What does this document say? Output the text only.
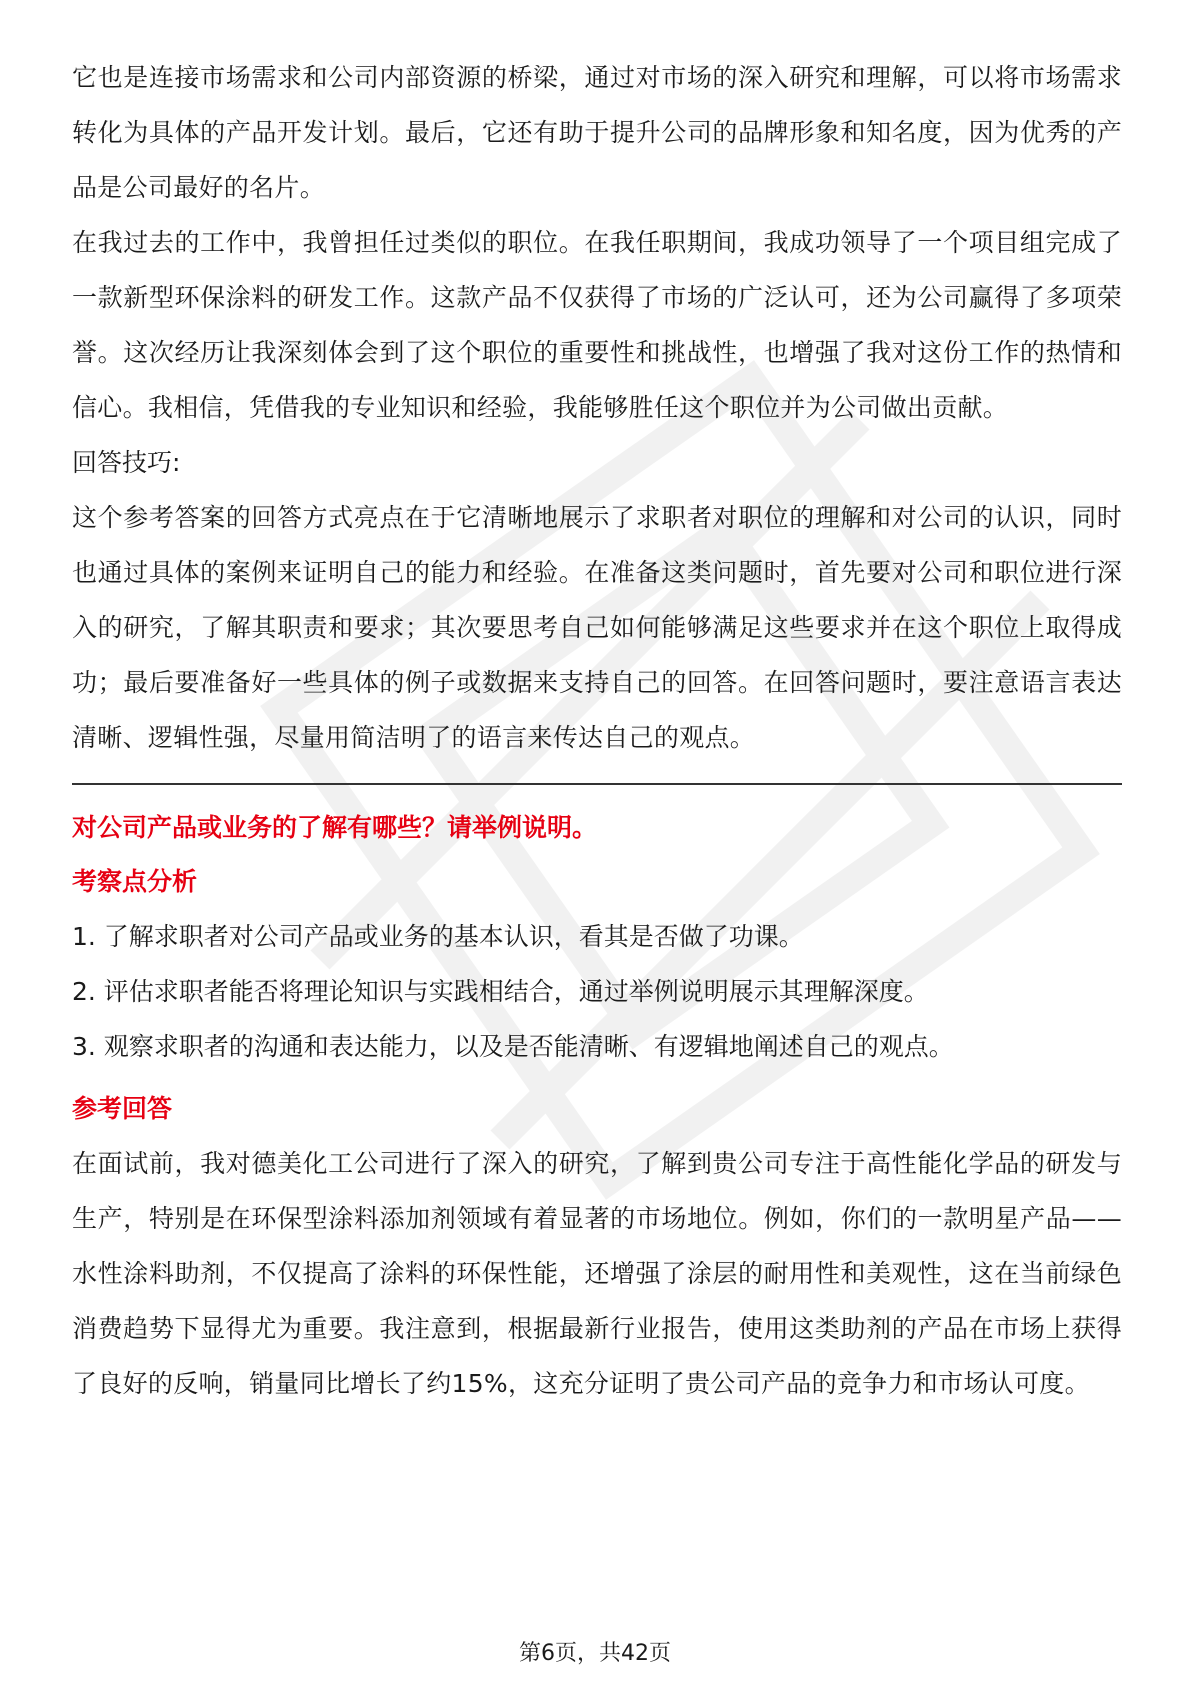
它也是连接市场需求和公司内部资源的桥梁，通过对市场的深入研究和理解，可以将市场需求转化为具体的产品开发计划。最后，它还有助于提升公司的品牌形象和知名度，因为优秀的产品是公司最好的名片。

在我过去的工作中，我曾担任过类似的职位。在我任职期间，我成功领导了一个项目组完成了一款新型环保涂料的研发工作。这款产品不仅获得了市场的广泛认可，还为公司赢得了多项荣誉。这次经历让我深刻体会到了这个职位的重要性和挑战性，也增强了我对这份工作的热情和信心。我相信，凭借我的专业知识和经验，我能够胜任这个职位并为公司做出贡献。

回答技巧:

这个参考答案的回答方式亮点在于它清晰地展示了求职者对职位的理解和对公司的认识，同时也通过具体的案例来证明自己的能力和经验。在准备这类问题时，首先要对公司和职位进行深入的研究，了解其职责和要求；其次要思考自己如何能够满足这些要求并在这个职位上取得成功；最后要准备好一些具体的例子或数据来支持自己的回答。在回答问题时，要注意语言表达清晰、逻辑性强，尽量用简洁明了的语言来传达自己的观点。

对公司产品或业务的了解有哪些？请举例说明。

考察点分析

1. 了解求职者对公司产品或业务的基本认识，看其是否做了功课。
2. 评估求职者能否将理论知识与实践相结合，通过举例说明展示其理解深度。
3. 观察求职者的沟通和表达能力，以及是否能清晰、有逻辑地阐述自己的观点。

参考回答

在面试前，我对德美化工公司进行了深入的研究，了解到贵公司专注于高性能化学品的研发与生产，特别是在环保型涂料添加剂领域有着显著的市场地位。例如，你们的一款明星产品——水性涂料助剂，不仅提高了涂料的环保性能，还增强了涂层的耐用性和美观性，这在当前绿色消费趋势下显得尤为重要。我注意到，根据最新行业报告，使用这类助剂的产品在市场上获得了良好的反响，销量同比增长了约15%，这充分证明了贵公司产品的竞争力和市场认可度。

第6页，共42页
